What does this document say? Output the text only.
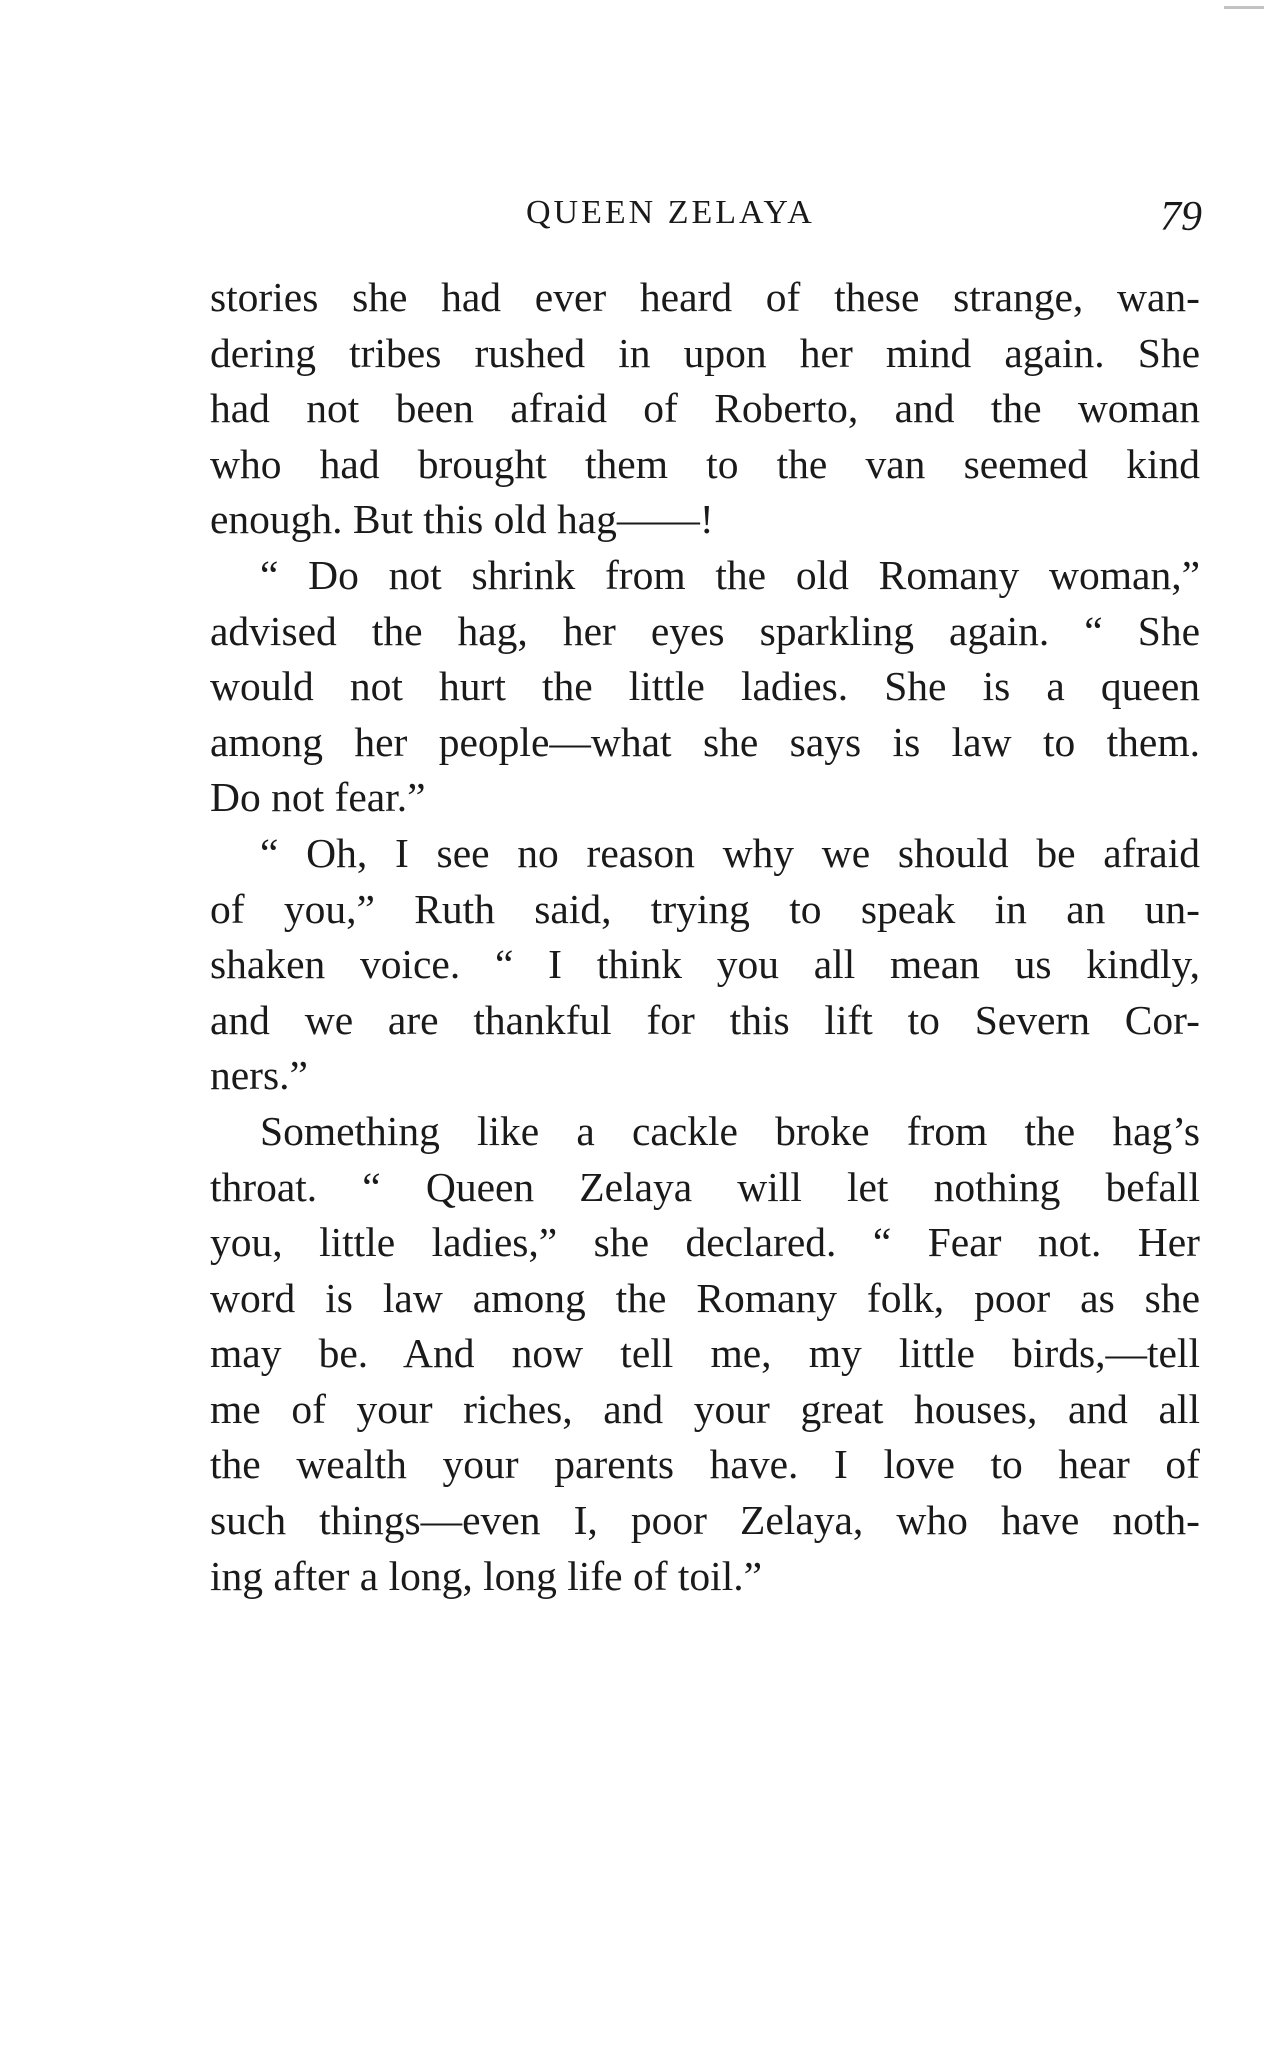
QUEEN ZELAYA	79
stories she had ever heard of these strange, wan-
dering tribes rushed in upon her mind again. She
had not been afraid of Roberto, and the woman
who had brought them to the van seemed kind
enough. But this old hag——!
“ Do not shrink from the old Romany woman,”
advised the hag, her eyes sparkling again. “ She
would not hurt the little ladies. She is a queen
among her people—what she says is law to them.
Do not fear.”
“ Oh, I see no reason why we should be afraid
of you,” Ruth said, trying to speak in an un-
shaken voice. “ I think you all mean us kindly,
and we are thankful for this lift to Severn Cor-
ners.”
Something like a cackle broke from the hag’s
throat. “ Queen Zelaya will let nothing befall
you, little ladies,” she declared. “ Fear not. Her
word is law among the Romany folk, poor as she
may be. And now tell me, my little birds,—tell
me of your riches, and your great houses, and all
the wealth your parents have. I love to hear of
such things—even I, poor Zelaya, who have noth-
ing after a long, long life of toil.”
